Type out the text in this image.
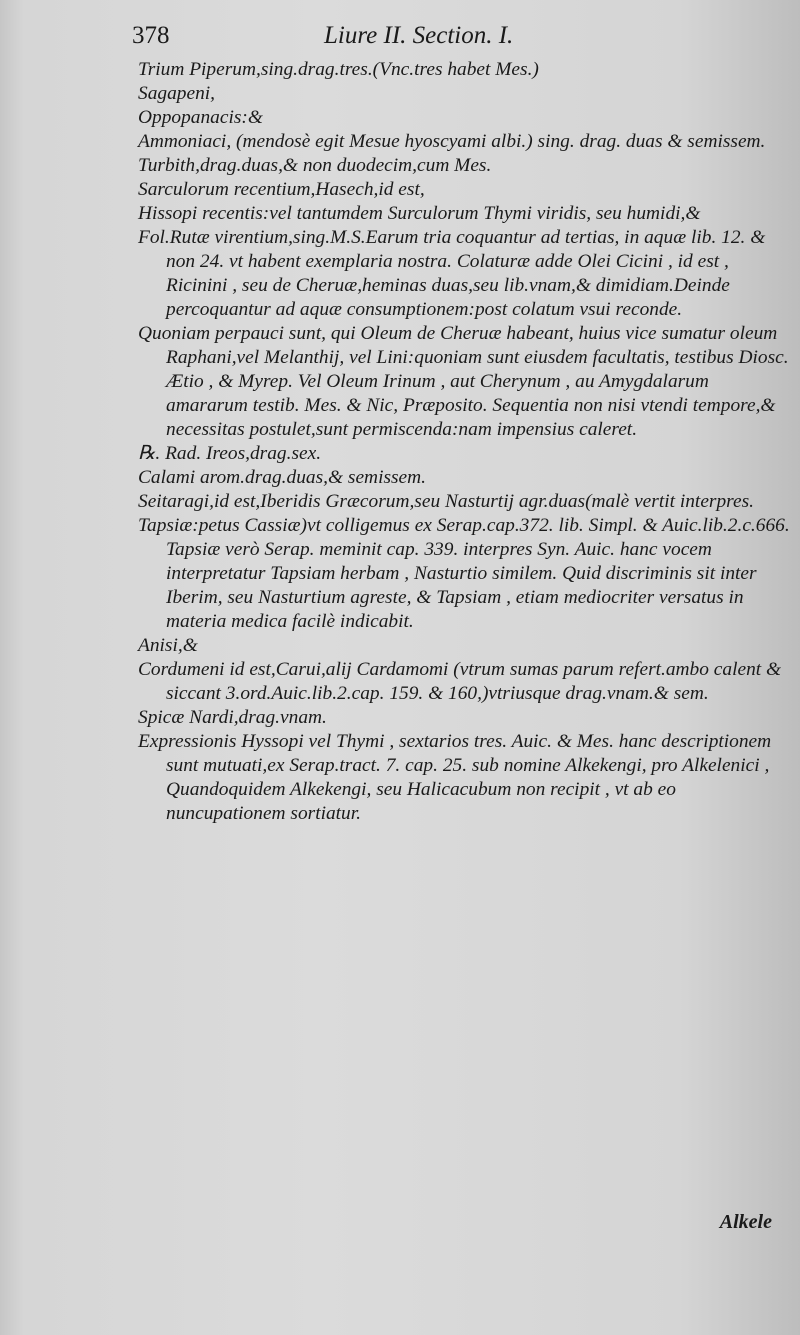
378	Liure II. Section. I.
Trium Piperum,sing.drag.tres.(Vnc.tres habet Mes.)
Sagapeni,
Oppopanacis:&
Ammoniaci, (mendosè egit Mesue hyoscyami albi.) sing. drag. duas & semissem.
Turbith,drag.duas,& non duodecim,cum Mes.
Sarculorum recentium,Hasech,id est,
Hissopi recentis:vel tantumdem Surculorum Thymi viridis, seu humidi,&
Fol.Rutæ virentium,sing.M.S.Earum tria coquantur ad tertias, in aquæ lib. 12. & non 24. vt habent exemplaria nostra. Colaturæ adde Olei Cicini , id est , Ricinini , seu de Cheruæ,heminas duas,seu lib.vnam,& dimidiam.Deinde percoquantur ad aquæ consumptionem:post colatum vsui reconde.
Quoniam perpauci sunt, qui Oleum de Cheruæ habeant, huius vice sumatur oleum Raphani,vel Melanthij, vel Lini:quoniam sunt eiusdem facultatis, testibus Diosc. Ætio , & Myrep. Vel Oleum Irinum , aut Cherynum , au Amygdalarum amararum testib. Mes. & Nic, Præposito. Sequentia non nisi vtendi tempore,& necessitas postulet,sunt permiscenda:nam impensius caleret.
℞. Rad. Ireos,drag.sex.
Calami arom.drag.duas,& semissem.
Seitaragi,id est,Iberidis Græcorum,seu Nasturtij agr.duas(malè vertit interpres.
Tapsiæ:petus Cassiæ)vt colligemus ex Serap.cap.372. lib. Simpl. & Auic.lib.2.c.666. Tapsiæ verò Serap. meminit cap. 339. interpres Syn. Auic. hanc vocem interpretatur Tapsiam herbam , Nasturtio similem. Quid discriminis sit inter Iberim, seu Nasturtium agreste, & Tapsiam , etiam mediocriter versatus in materia medica facilè indicabit.
Anisi,&
Cordumeni id est,Carui,alij Cardamomi (vtrum sumas parum refert.ambo calent & siccant 3.ord.Auic.lib.2.cap. 159. & 160,)vtriusque drag.vnam.& sem.
Spicæ Nardi,drag.vnam.
Expressionis Hyssopi vel Thymi , sextarios tres. Auic. & Mes. hanc descriptionem sunt mutuati,ex Serap.tract. 7. cap. 25. sub nomine Alkekengi, pro Alkelenici , Quandoquidem Alkekengi, seu Halicacubum non recipit , vt ab eo nuncupationem sortiatur.
Alkele
